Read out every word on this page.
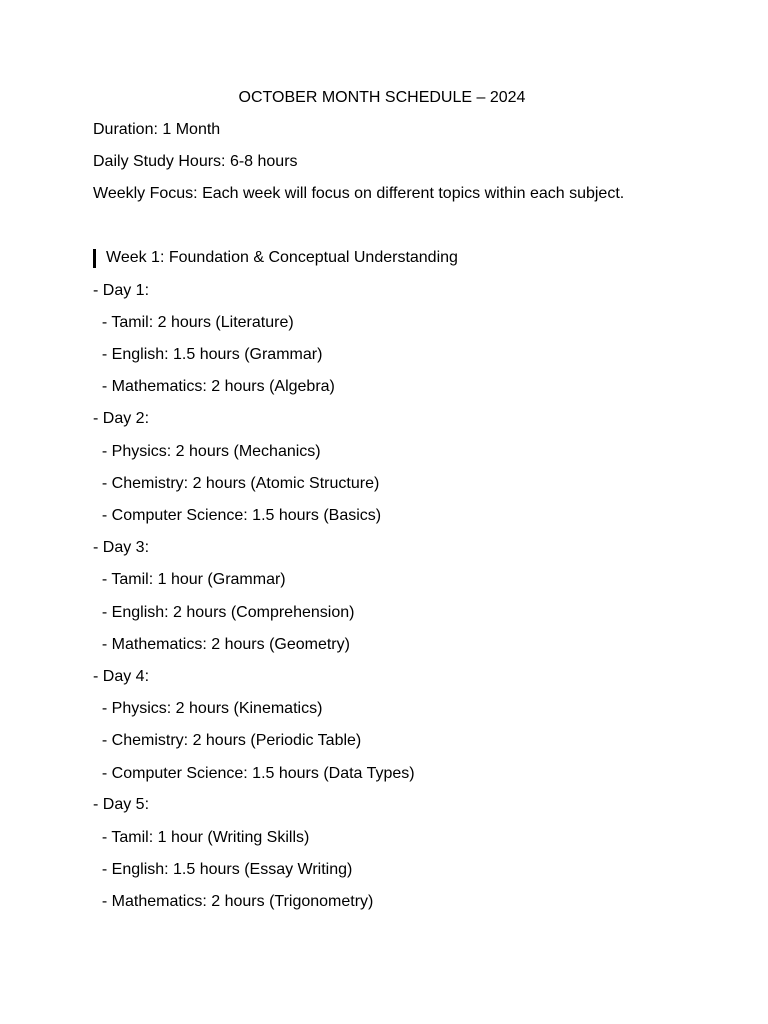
OCTOBER MONTH SCHEDULE – 2024
Duration: 1 Month
Daily Study Hours: 6-8 hours
Weekly Focus: Each week will focus on different topics within each subject.
Week 1: Foundation & Conceptual Understanding
- Day 1:
- Tamil: 2 hours (Literature)
- English: 1.5 hours (Grammar)
- Mathematics: 2 hours (Algebra)
- Day 2:
- Physics: 2 hours (Mechanics)
- Chemistry: 2 hours (Atomic Structure)
- Computer Science: 1.5 hours (Basics)
- Day 3:
- Tamil: 1 hour (Grammar)
- English: 2 hours (Comprehension)
- Mathematics: 2 hours (Geometry)
- Day 4:
- Physics: 2 hours (Kinematics)
- Chemistry: 2 hours (Periodic Table)
- Computer Science: 1.5 hours (Data Types)
- Day 5:
- Tamil: 1 hour (Writing Skills)
- English: 1.5 hours (Essay Writing)
- Mathematics: 2 hours (Trigonometry)
